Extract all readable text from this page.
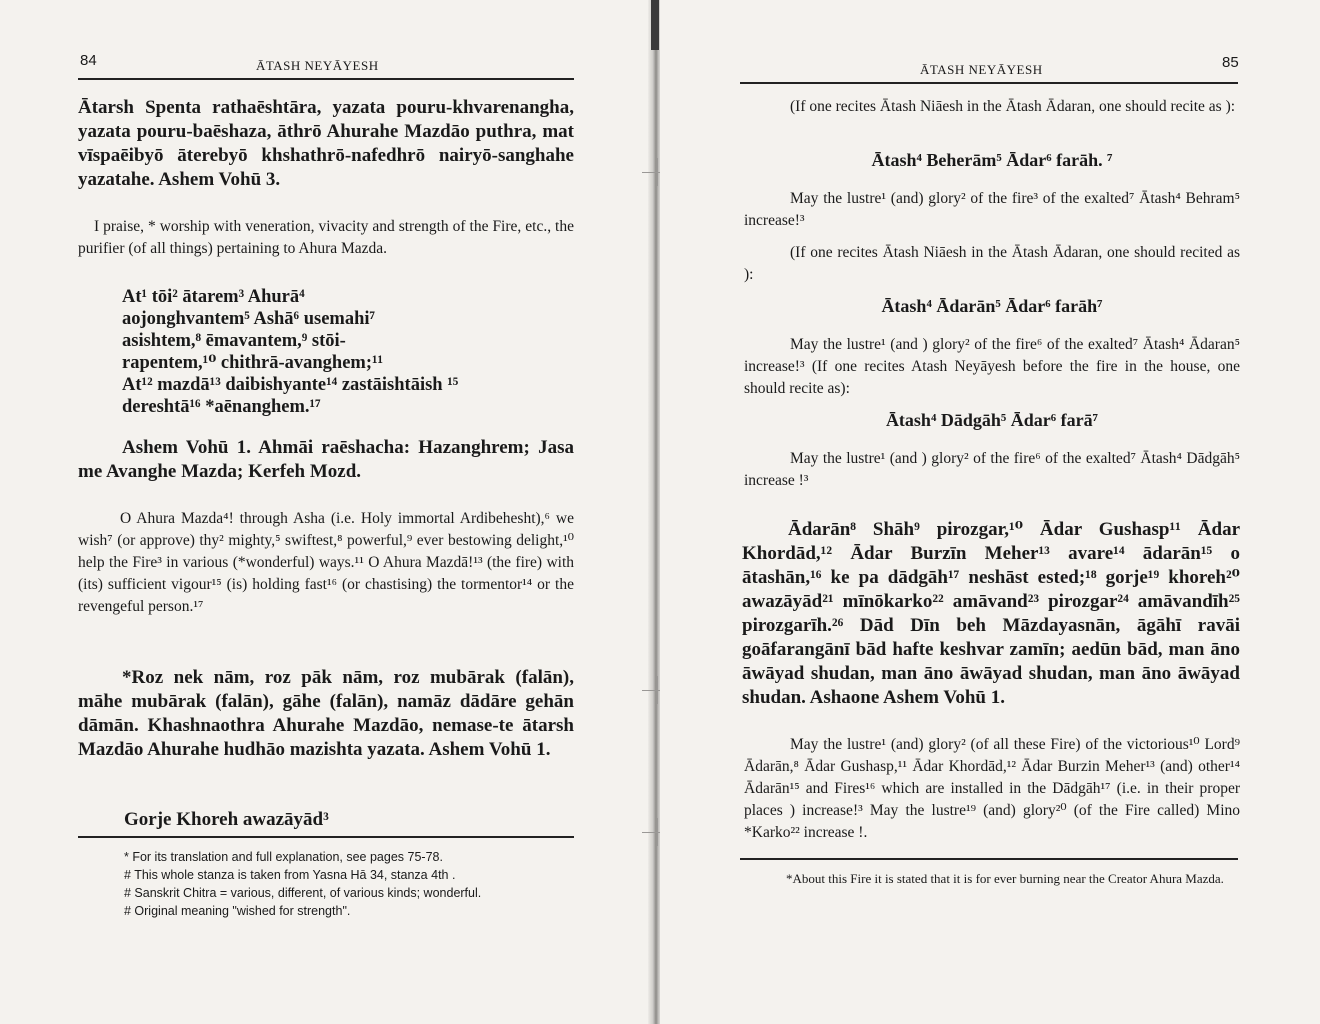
84	ĀTASH NEYĀYESH
Ātarsh Spenta rathaēshtāra, yazata pouru-khvarenangha, yazata pouru-baēshaza, āthrō Ahurahe Mazdāo puthra, mat vīspaēibyō āterebyō khshathrō-nafedhrō nairyō-sanghahe yazatahe. Ashem Vohū 3.
I praise, * worship with veneration, vivacity and strength of the Fire, etc., the purifier (of all things) pertaining to Ahura Mazda.
At¹ tōi² ātarem³ Ahurā⁴
aojonghvantem⁵ Ashā⁶ usemahi⁷
asishtem,⁸ ēmavantem,⁹ stōi-
rapentem,¹⁰ chithrā-avanghem;¹¹
At¹² mazdā¹³ daibishyante¹⁴ zastāishtāish ¹⁵
dereshtā¹⁶ *aēnanghem.¹⁷
Ashem Vohū 1. Ahmāi raēshacha: Hazanghrem; Jasa me Avanghe Mazda; Kerfeh Mozd.
O Ahura Mazda⁴! through Asha (i.e. Holy immortal Ardibehesht),⁶ we wish⁷ (or approve) thy² mighty,⁵ swiftest,⁸ powerful,⁹ ever bestowing delight,¹⁰ help the Fire³ in various (*wonderful) ways.¹¹ O Ahura Mazdā!¹³ (the fire) with (its) sufficient vigour¹⁵ (is) holding fast¹⁶ (or chastising) the tormentor¹⁴ or the revengeful person.¹⁷
*Roz nek nām, roz pāk nām, roz mubārak (falān), māhe mubārak (falān), gāhe (falān), namāz dādāre gehān dāmān. Khashnaothra Ahurahe Mazdāo, nemase-te ātarsh Mazdāo Ahurahe hudhāo mazishta yazata. Ashem Vohū 1.
Gorje Khoreh awazāyād³
* For its translation and full explanation, see pages 75-78.
# This whole stanza is taken from Yasna Hā 34, stanza 4th .
# Sanskrit Chitra = various, different, of various kinds; wonderful.
# Original meaning "wished for strength".
ĀTASH NEYĀYESH	85
(If one recites Ātash Niāesh in the Ātash Ādaran, one should recite as ):
Ātash⁴ Beherām⁵ Ādar⁶ farāh. ⁷
May the lustre¹ (and) glory² of the fire³ of the exalted⁷ Ātash⁴ Behram⁵ increase!³
(If one recites Ātash Niāesh in the Ātash Ādaran, one should recited as ):
Ātash⁴ Ādarān⁵ Ādar⁶ farāh⁷
May the lustre¹ (and ) glory² of the fire⁶ of the exalted⁷ Ātash⁴ Ādaran⁵ increase!³ (If one recites Atash Neyāyesh before the fire in the house, one should recite as):
Ātash⁴ Dādgāh⁵ Ādar⁶ farā⁷
May the lustre¹ (and ) glory² of the fire⁶ of the exalted⁷ Ātash⁴ Dādgāh⁵ increase !³
Ādarān⁸ Shāh⁹ pirozgar,¹⁰ Ādar Gushasp¹¹ Ādar Khordād,¹² Ādar Burzīn Meher¹³ avare¹⁴ ādarān¹⁵ o ātashān,¹⁶ ke pa dādgāh¹⁷ neshāst ested;¹⁸ gorje¹⁹ khoreh²⁰ awazāyād²¹ mīnōkarko²² amāvand²³ pirozgar²⁴ amāvandīh²⁵ pirozgarīh.²⁶ Dād Dīn beh Māzdayasnān, āgāhī ravāi goāfarangānī bād hafte keshvar zamīn; aedūn bād, man āno āwāyad shudan, man āno āwāyad shudan, man āno āwāyad shudan. Ashaone Ashem Vohū 1.
May the lustre¹ (and) glory² (of all these Fire) of the victorious¹⁰ Lord⁹ Ādarān,⁸ Ādar Gushasp,¹¹ Ādar Khordād,¹² Ādar Burzin Meher¹³ (and) other¹⁴ Ādarān¹⁵ and Fires¹⁶ which are installed in the Dādgāh¹⁷ (i.e. in their proper places ) increase!³ May the lustre¹⁹ (and) glory²⁰ (of the Fire called) Mino *Karko²² increase !.
*About this Fire it is stated that it is for ever burning near the Creator Ahura Mazda.
